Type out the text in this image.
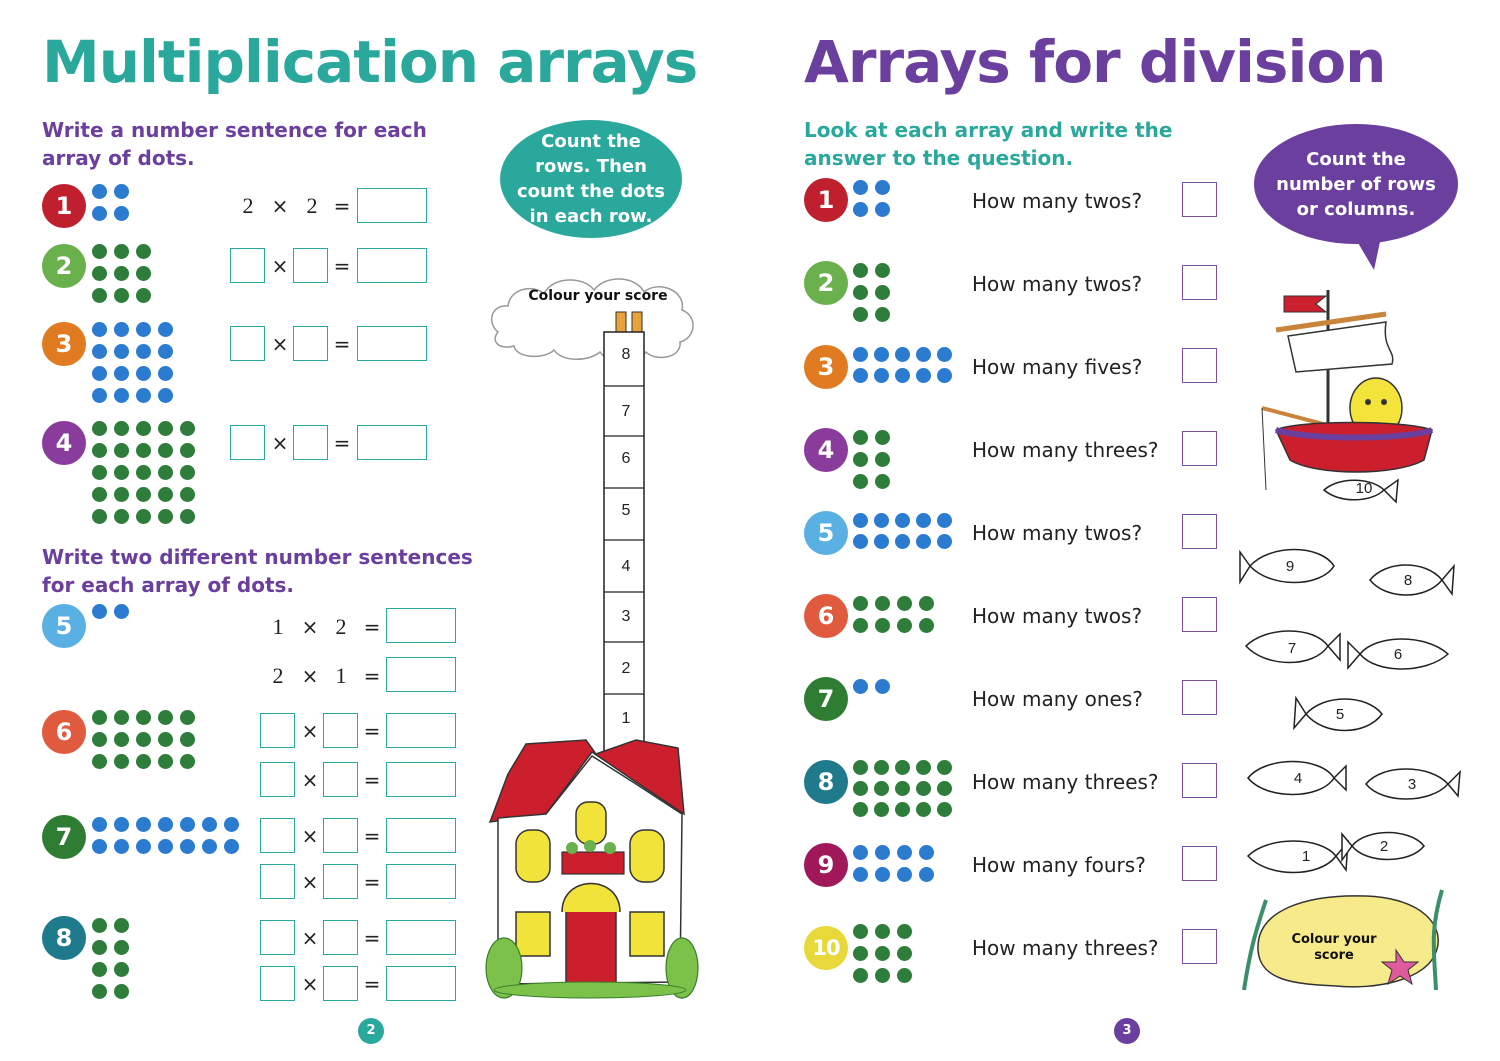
Multiplication arrays
Write a number sentence for each array of dots.
Count the rows. Then count the dots in each row.
1	2 × 2 =
2	× =
3	× =
4	× =
Write two different number sentences for each array of dots.
5	1 × 2 =
2 × 1 =
6	× =
× =
7	× =
× =
8	× =
× =
Colour your score
8
7
6
5
4
3
2
1
2
Arrays for division
Look at each array and write the answer to the question.	Count the number of rows or columns.
1	How many twos?
2	How many twos?
3	How many fives?
4	How many threes?
5	How many twos?
6	How many twos?
7	How many ones?
8	How many threes?
9	How many fours?
10	How many threes?
10
9
8
7	6
5
4	3
2
1
Colour your score
3
